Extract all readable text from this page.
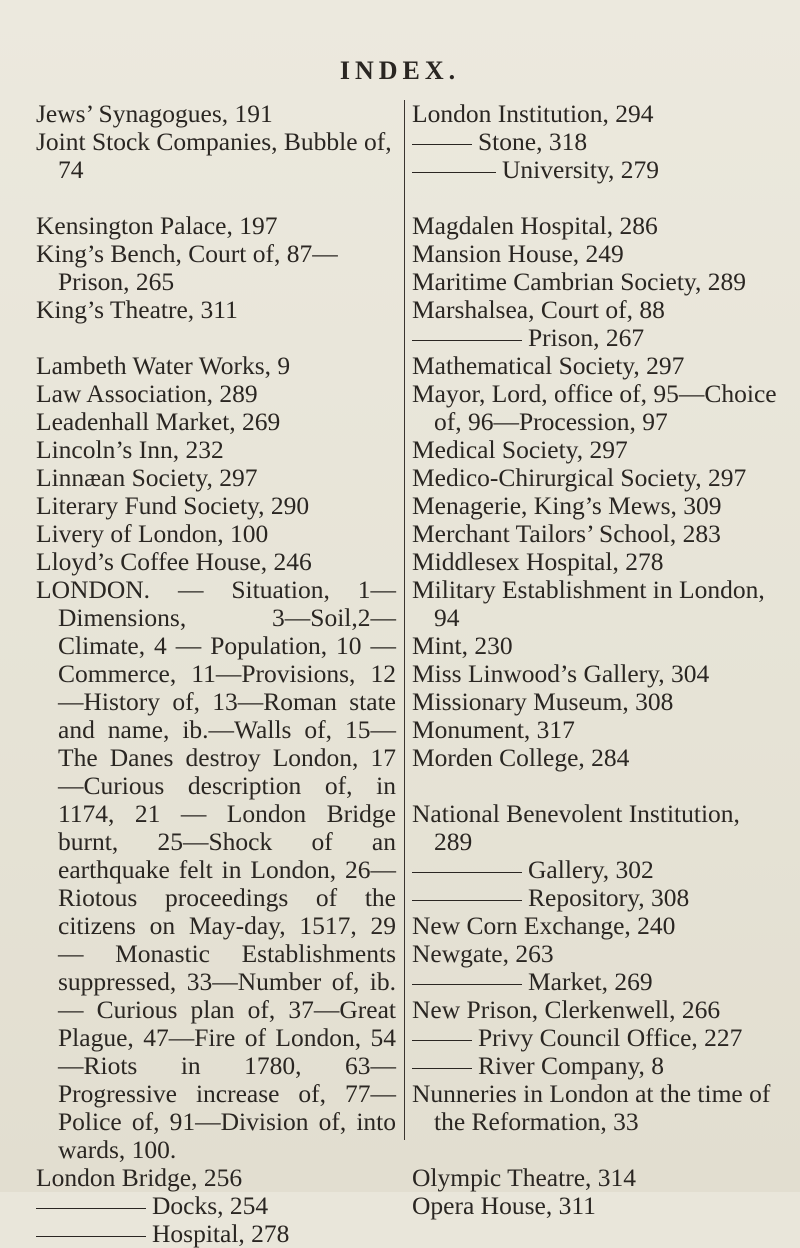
INDEX.
Jews’ Synagogues, 191
Joint Stock Companies, Bubble of, 74
Kensington Palace, 197
King’s Bench, Court of, 87— Prison, 265
King’s Theatre, 311
Lambeth Water Works, 9
Law Association, 289
Leadenhall Market, 269
Lincoln’s Inn, 232
Linnæan Society, 297
Literary Fund Society, 290
Livery of London, 100
Lloyd’s Coffee House, 246
LONDON. — Situation, 1—Dimensions, 3—Soil,2—Climate, 4 — Population, 10 — Commerce, 11—Provisions, 12—History of, 13—Roman state and name, ib.—Walls of, 15—The Danes destroy London, 17—Curious description of, in 1174, 21 — London Bridge burnt, 25—Shock of an earthquake felt in London, 26—Riotous proceedings of the citizens on May-day, 1517, 29 — Monastic Establishments suppressed, 33—Number of, ib.— Curious plan of, 37—Great Plague, 47—Fire of London, 54—Riots in 1780, 63—Progressive increase of, 77—Police of, 91—Division of, into wards, 100.
London Bridge, 256
Docks, 254
Hospital, 278
London Institution, 294
Stone, 318
University, 279
Magdalen Hospital, 286
Mansion House, 249
Maritime Cambrian Society, 289
Marshalsea, Court of, 88
Prison, 267
Mathematical Society, 297
Mayor, Lord, office of, 95—Choice of, 96—Procession, 97
Medical Society, 297
Medico-Chirurgical Society, 297
Menagerie, King’s Mews, 309
Merchant Tailors’ School, 283
Middlesex Hospital, 278
Military Establishment in London, 94
Mint, 230
Miss Linwood’s Gallery, 304
Missionary Museum, 308
Monument, 317
Morden College, 284
National Benevolent Institution, 289
Gallery, 302
Repository, 308
New Corn Exchange, 240
Newgate, 263
Market, 269
New Prison, Clerkenwell, 266
Privy Council Office, 227
River Company, 8
Nunneries in London at the time of the Reformation, 33
Olympic Theatre, 314
Opera House, 311
